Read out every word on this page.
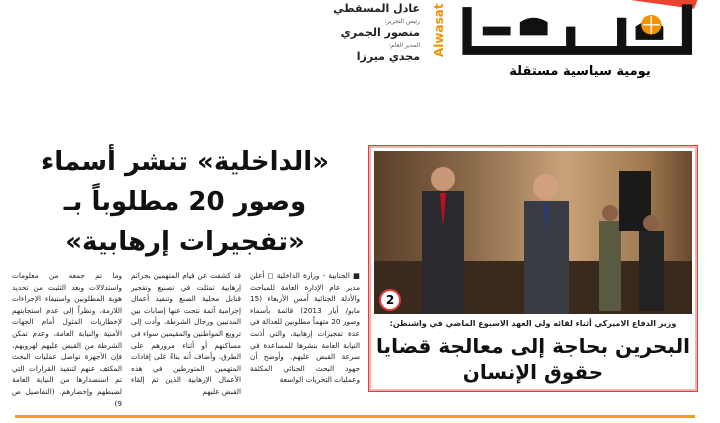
عادل المسقطي
رئيس التحرير:
منصور الجمري
المدير العام:
مجدي ميرزا Alwasat
يومية سياسية مستقلة
«الداخلية» تنشر أسماء وصور 20 مطلوباً بـ «تفجيرات إرهابية»
■ الجنابية - وزارة الداخلية ◻ أعلن مدير عام الإدارة العامة للمباحث والأدلة الجنائية أمس الأربعاء (15 مايو/ أيار 2013) قائمة بأسماء وصور 20 متهماً مطلوبين للعدالة في عدة تفجيرات إرهابية، والتي أذنت النيابة العامة بنشرها للمساعدة في سرعة القبض عليهم. وأوضح أن جهود البحث الجنائي المكثفة وعمليات التحريات الواسعة
قد كشفت عن قيام المتهمين بجرائم إرهابية تمثلت في تصنيع وتفجير قنابل محلية الصنع وتنفيذ أعمال إجرامية آثمة نتجت عنها إصابات بين المدنيين ورجال الشرطة، وأدت إلى ترويع المواطنين والمقيمين سواء في مساكنهم أو أثناء مرورهم على الطرق. وأضاف أنه بناءً على إفادات المتهمين المتورطين في هذه الأعمال الإرهابية الذين تم إلقاء القبض عليهم
وما تم جمعه من معلومات واستدلالات وبعد التثبت من تحديد هوية المطلوبين واستيفاء الإجراءات اللازمة، ونظراً إلى عدم استجابتهم لإخطاريات المثول أمام الجهات الأمنية والنيابة العامة، وعدم تمكن الشرطة من القبض عليهم لهروبهم، فإن الأجهزة تواصل عمليات البحث المكثف عنهم لتنفيذ القرارات التي تم استصدارها من النيابة العامة لضبطهم وإحضارهم. (التفاصيل ص 9)
2
وزير الدفاع الاميركي أثناء لقائه ولي العهد الاسبوع الماضي في واشنطن:
البحرين بحاجة إلى معالجة قضايا حقوق الإنسان
